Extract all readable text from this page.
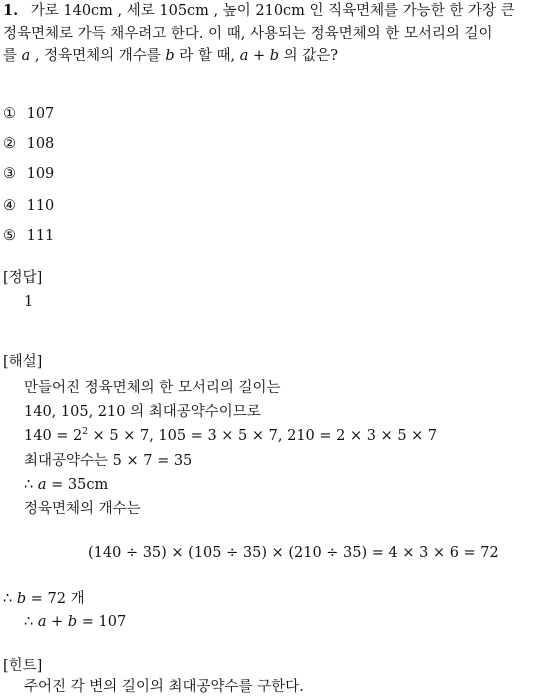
1. 가로 140cm , 세로 105cm , 높이 210cm 인 직육면체를 가능한 한 가장 큰
정육면체로 가득 채우려고 한다. 이 때, 사용되는 정육면체의 한 모서리의 길이
를 a , 정육면체의 개수를 b 라 할 때, a + b 의 값은?
① 107
② 108
③ 109
④ 110
⑤ 111
[정답]
1
[해설]
만들어진 정육면체의 한 모서리의 길이는
140, 105, 210 의 최대공약수이므로
$140 = 2^2 \times 5 \times 7$, 105 = 3 × 5 × 7, 210 = 2 × 3 × 5 × 7
최대공약수는 5 × 7 = 35
∴ a = 35cm
정육면체의 개수는
(140 ÷ 35) × (105 ÷ 35) × (210 ÷ 35) = 4 × 3 × 6 = 72
∴ b = 72 개
∴ a + b = 107
[힌트]
주어진 각 변의 길이의 최대공약수를 구한다.
